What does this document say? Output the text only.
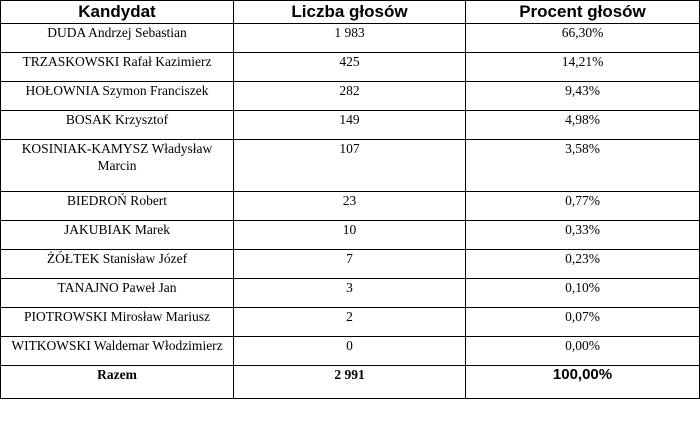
Kandydat	Liczba głosów	Procent głosów
DUDA Andrzej Sebastian	1 983	66,30%
TRZASKOWSKI Rafał Kazimierz	425	14,21%
HOŁOWNIA Szymon Franciszek	282	9,43%
BOSAK Krzysztof	149	4,98%
KOSINIAK-KAMYSZ Władysław Marcin	107	3,58%
BIEDROŃ Robert	23	0,77%
JAKUBIAK Marek	10	0,33%
ŻÓŁTEK Stanisław Józef	7	0,23%
TANAJNO Paweł Jan	3	0,10%
PIOTROWSKI Mirosław Mariusz	2	0,07%
WITKOWSKI Waldemar Włodzimierz	0	0,00%
Razem	2 991	100,00%
